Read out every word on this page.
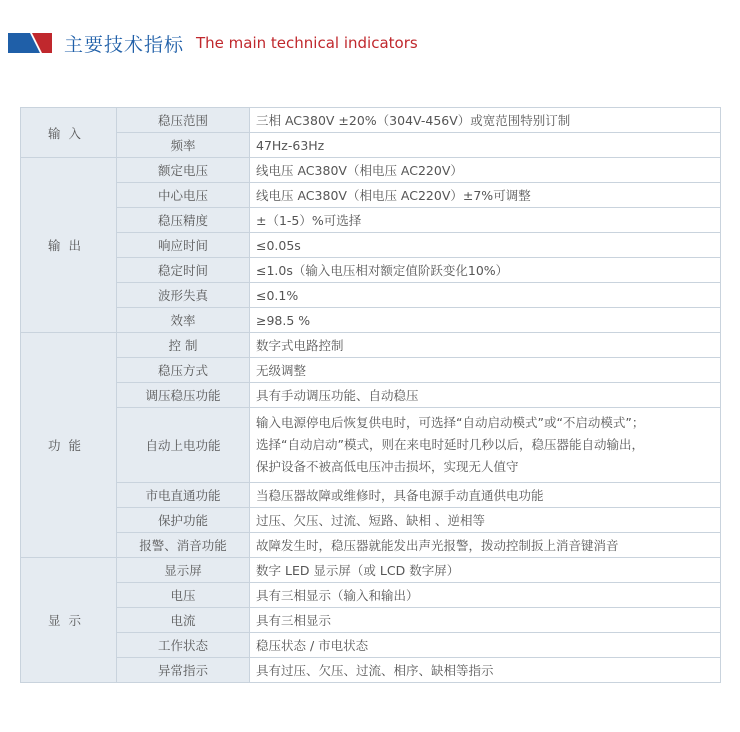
主要技术指标 The main technical indicators
输入	稳压范围	三相 AC380V ±20%（304V-456V）或宽范围特别订制
	频率	47Hz-63Hz
输出	额定电压	线电压 AC380V（相电压 AC220V）
	中心电压	线电压 AC380V（相电压 AC220V）±7%可调整
	稳压精度	±（1-5）%可选择
	响应时间	≤0.05s
	稳定时间	≤1.0s（输入电压相对额定值阶跃变化10%）
	波形失真	≤0.1%
	效率	≥98.5 %
功能	控 制	数字式电路控制
	稳压方式	无级调整
	调压稳压功能	具有手动调压功能、自动稳压
	自动上电功能	输入电源停电后恢复供电时，可选择“自动启动模式”或“不启动模式”；
选择“自动启动”模式，则在来电时延时几秒以后，稳压器能自动输出，
保护设备不被高低电压冲击损坏，实现无人值守
	市电直通功能	当稳压器故障或维修时，具备电源手动直通供电功能
	保护功能	过压、欠压、过流、短路、缺相 、逆相等
	报警、消音功能	故障发生时，稳压器就能发出声光报警，拨动控制扳上消音键消音
显示	显示屏	数字 LED 显示屏（或 LCD 数字屏）
	电压	具有三相显示（输入和输出）
	电流	具有三相显示
	工作状态	稳压状态 / 市电状态
	异常指示	具有过压、欠压、过流、相序、缺相等指示
